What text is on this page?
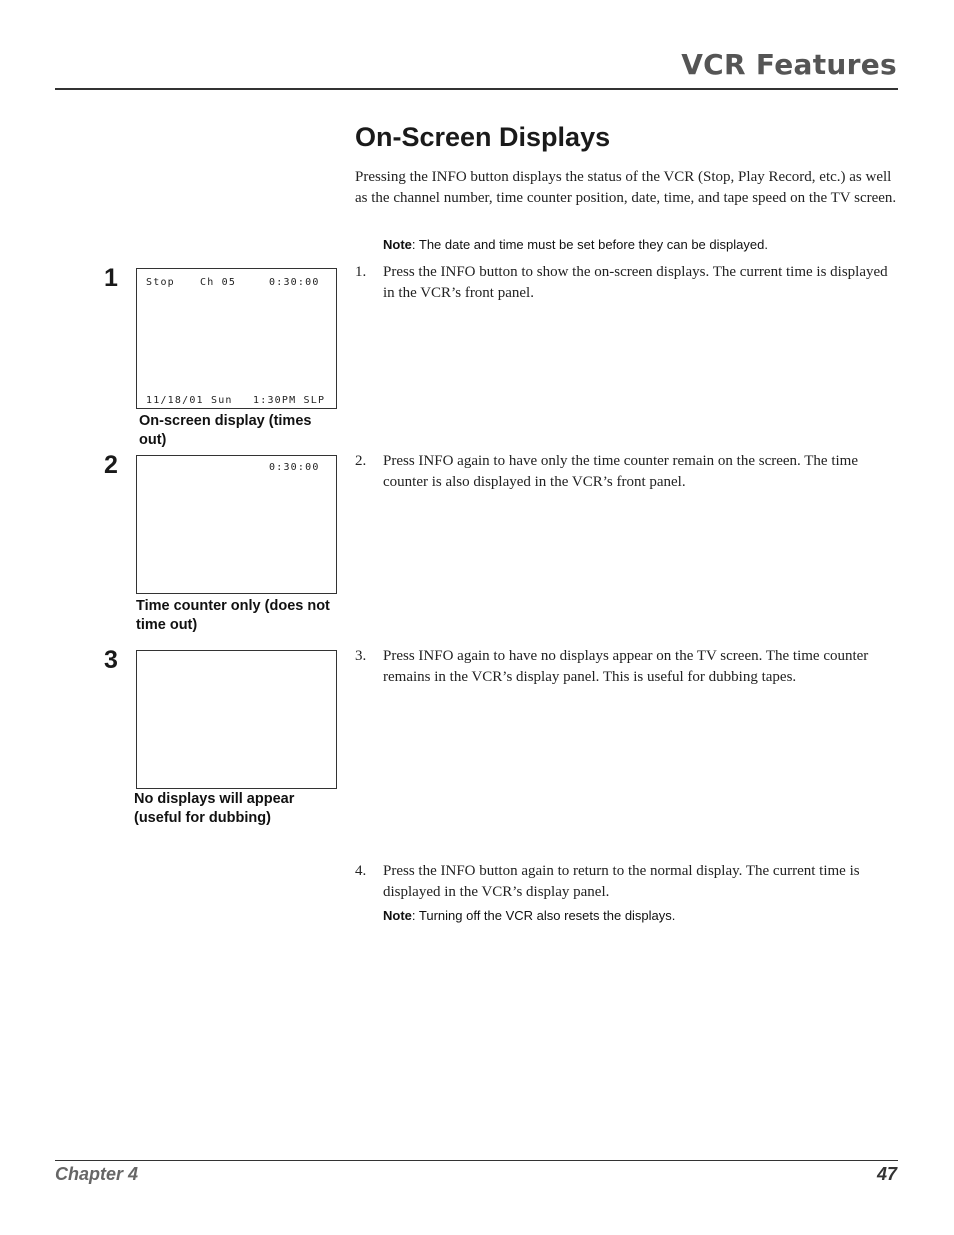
VCR Features
On-Screen Displays
Pressing the INFO button displays the status of the VCR (Stop, Play Record, etc.) as well as the channel number, time counter position, date, time, and tape speed on the TV screen.
Note: The date and time must be set before they can be displayed.
1	Stop	Ch 05	0:30:00
11/18/01 Sun 1:30PM SLP
On-screen display (times out)
1. Press the INFO button to show the on-screen displays. The current time is displayed in the VCR’s front panel.
2	0:30:00
Time counter only (does not time out)
2. Press INFO again to have only the time counter remain on the screen. The time counter is also displayed in the VCR’s front panel.
3
No displays will appear (useful for dubbing)
3. Press INFO again to have no displays appear on the TV screen. The time counter remains in the VCR’s display panel. This is useful for dubbing tapes.
4. Press the INFO button again to return to the normal display. The current time is displayed in the VCR’s display panel.
Note: Turning off the VCR also resets the displays.
Chapter 4	47
